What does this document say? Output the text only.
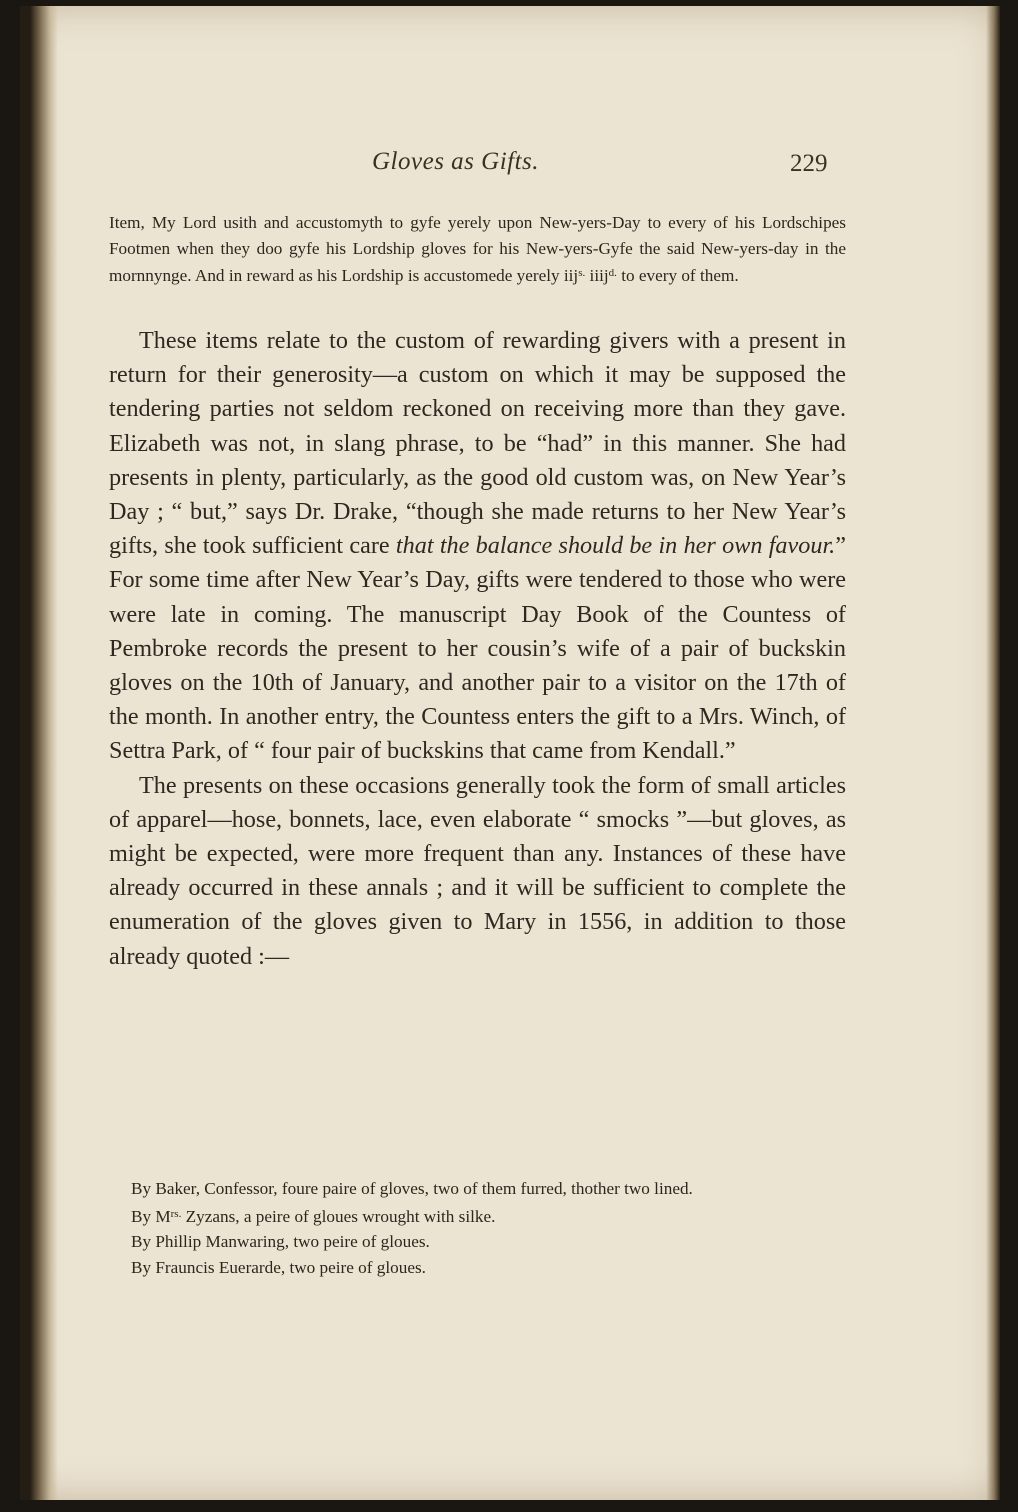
Gloves as Gifts.	229

Item, My Lord usith and accustomyth to gyfe yerely upon New-yers-Day to every of his Lordschipes Footmen when they doo gyfe his Lordship gloves for his New-yers-Gyfe the said New-yers-day in the mornnynge. And in reward as his Lordship is accustomede yerely iij$^{s.}$ iiij$^{d.}$ to every of them.

These items relate to the custom of rewarding givers with a present in return for their generosity—a custom on which it may be supposed the tendering parties not seldom reckoned on receiving more than they gave. Elizabeth was not, in slang phrase, to be “had” in this manner. She had presents in plenty, particularly, as the good old custom was, on New Year’s Day ; “ but,” says Dr. Drake, “though she made returns to her New Year’s gifts, she took sufficient care that the balance should be in her own favour.” For some time after New Year’s Day, gifts were tendered to those who were were late in coming. The manuscript Day Book of the Countess of Pembroke records the present to her cousin’s wife of a pair of buckskin gloves on the 10th of January, and another pair to a visitor on the 17th of the month. In another entry, the Countess enters the gift to a Mrs. Winch, of Settra Park, of “ four pair of buckskins that came from Kendall.”

The presents on these occasions generally took the form of small articles of apparel—hose, bonnets, lace, even elaborate “ smocks ”—but gloves, as might be expected, were more frequent than any. Instances of these have already occurred in these annals ; and it will be sufficient to complete the enumeration of the gloves given to Mary in 1556, in addition to those already quoted :—

By Baker, Confessor, foure paire of gloves, two of them furred, thother two lined.

By $M^{rs.}$ Zyzans, a peire of gloues wrought with silke.

By Phillip Manwaring, two peire of gloues.

By Frauncis Euerarde, two peire of gloues.
